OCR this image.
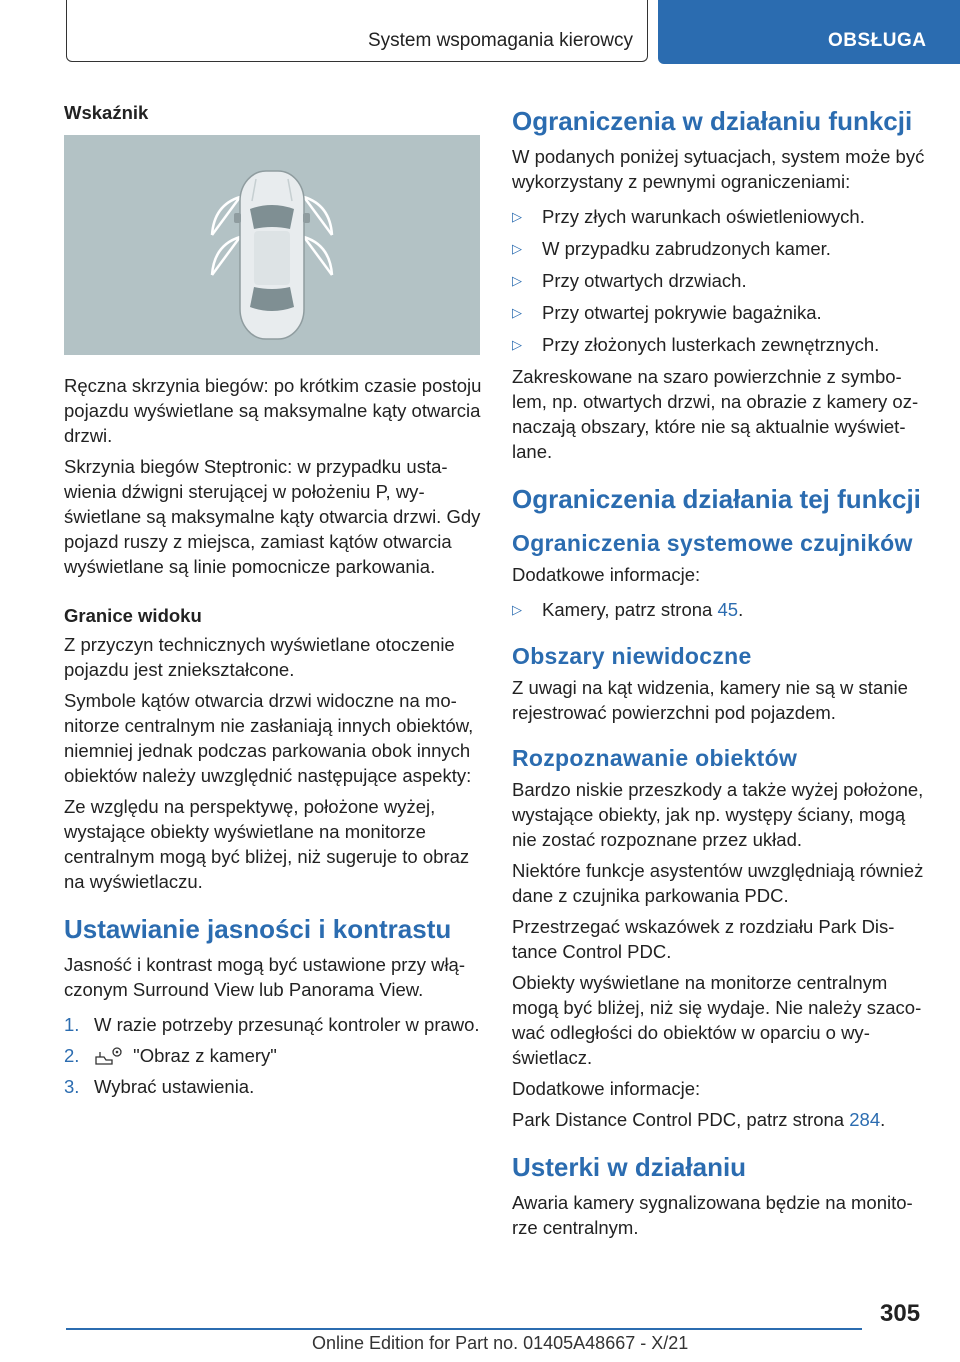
System wspomagania kierowcy	OBSŁUGA
Wskaźnik

Ręczna skrzynia biegów: po krótkim czasie postoju pojazdu wyświetlane są maksymalne kąty otwarcia drzwi.

Skrzynia biegów Steptronic: w przypadku ustawienia dźwigni sterującej w położeniu P, wyświetlane są maksymalne kąty otwarcia drzwi. Gdy pojazd ruszy z miejsca, zamiast kątów otwarcia wyświetlane są linie pomocnicze parkowania.

Granice widoku

Z przyczyn technicznych wyświetlane otoczenie pojazdu jest zniekształcone.

Symbole kątów otwarcia drzwi widoczne na monitorze centralnym nie zasłaniają innych obiektów, niemniej jednak podczas parkowania obok innych obiektów należy uwzględnić następujące aspekty:

Ze względu na perspektywę, położone wyżej, wystające obiekty wyświetlane na monitorze centralnym mogą być bliżej, niż sugeruje to obraz na wyświetlaczu.

Ustawianie jasności i kontrastu

Jasność i kontrast mogą być ustawione przy włączonym Surround View lub Panorama View.

1. W razie potrzeby przesunąć kontroler w prawo.
2.	"Obraz z kamery"
3. Wybrać ustawienia.
Ograniczenia w działaniu funkcji

W podanych poniżej sytuacjach, system może być wykorzystany z pewnymi ograniczeniami:

▷ Przy złych warunkach oświetleniowych.
▷ W przypadku zabrudzonych kamer.
▷ Przy otwartych drzwiach.
▷ Przy otwartej pokrywie bagażnika.
▷ Przy złożonych lusterkach zewnętrznych.

Zakreskowane na szaro powierzchnie z symbolem, np. otwartych drzwi, na obrazie z kamery oznaczają obszary, które nie są aktualnie wyświetlane.

Ograniczenia działania tej funkcji
Ograniczenia systemowe czujników

Dodatkowe informacje:

▷ Kamery, patrz strona 45.
Obszary niewidoczne

Z uwagi na kąt widzenia, kamery nie są w stanie rejestrować powierzchni pod pojazdem.

Rozpoznawanie obiektów

Bardzo niskie przeszkody a także wyżej położone, wystające obiekty, jak np. występy ściany, mogą nie zostać rozpoznane przez układ.

Niektóre funkcje asystentów uwzględniają również dane z czujnika parkowania PDC.

Przestrzegać wskazówek z rozdziału Park Distance Control PDC.

Obiekty wyświetlane na monitorze centralnym mogą być bliżej, niż się wydaje. Nie należy szacować odległości do obiektów w oparciu o wyświetlacz.

Dodatkowe informacje:

Park Distance Control PDC, patrz strona 284.

Usterki w działaniu

Awaria kamery sygnalizowana będzie na monitorze centralnym.

305
Online Edition for Part no. 01405A48667 - X/21
